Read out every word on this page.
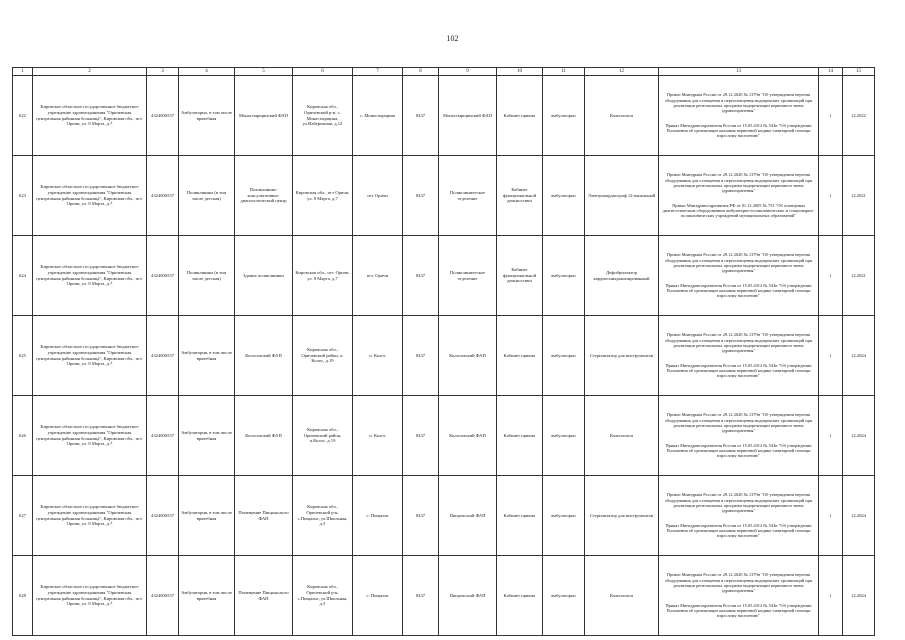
102
1	2	3	4	5	6	7	8	9	10	11	12	13	14	15
622	Кировское областное государственное бюджетное учреждение здравоохранения "Оричевская центральная районная больница", Кировская обл., пгт. Оричи, ул. 8 Марта, д.7	4324000537	Амбулаторно, в том числе врачебная	Монастырщинский ФАП	Кировская обл., Оричевский р-н, с. Монастырщина, ул.Набережная, д.12	с. Монастырщина	8437	Монастырщинский ФАП	Кабинет приема	амбулаторно	Кольпоскоп	Приказ Минздрава России от 28.12.2020 № 1379н "Об утверждении перечня оборудования для оснащения и переоснащения медицинских организаций при реализации региональных программ модернизации первичного звена здравоохранения"
Приказ Минздравсоцразвития России от 15.05.2012 № 543н "Об утверждении Положения об организации оказания первичной медико-санитарной помощи взрослому населению"	1	12.2022
623	Кировское областное государственное бюджетное учреждение здравоохранения "Оричевская центральная районная больница", Кировская обл., пгт. Оричи, ул. 8 Марта, д.7	4324000537	Поликлиника (в том числе детская)	Поликлинико-консультативно-диагностический центр	Кировская обл., пгт Оричи, ул. 8 Марта, д.7	пгт Оричи	8437	Поликлиническое отделение	Кабинет функциональной диагностики	амбулаторно	Электрокардиограф 12-канальный	Приказ Минздрава России от 28.12.2020 № 1379н "Об утверждении перечня оборудования для оснащения и переоснащения медицинских организаций при реализации региональных программ модернизации первичного звена здравоохранения"
Приказ Минздравсоцразвития РФ от 01.12.2005 № 753 "Об оснащении диагностическим оборудованием амбулаторно-поликлинических и стационарно-поликлинических учреждений муниципальных образований"	1	12.2021
624	Кировское областное государственное бюджетное учреждение здравоохранения "Оричевская центральная районная больница", Кировская обл., пгт. Оричи, ул. 8 Марта, д.7	4324000537	Поликлиника (в том числе детская)	Здание поликлиники	Кировская обл., пгт. Оричи, ул. 8 Марта, д.7	пгт. Оричи	8437	Поликлиническое отделение	Кабинет функциональной диагностики	амбулаторно	Дефибриллятор кардиосинхронизированный	Приказ Минздрава России от 28.12.2020 № 1379н "Об утверждении перечня оборудования для оснащения и переоснащения медицинских организаций при реализации региональных программ модернизации первичного звена здравоохранения"
Приказ Минздравсоцразвития России от 15.05.2012 № 543н "Об утверждении Положения об организации оказания первичной медико-санитарной помощи взрослому населению"	1	12.2021
625	Кировское областное государственное бюджетное учреждение здравоохранения "Оричевская центральная районная больница", Кировская обл., пгт. Оричи, ул. 8 Марта, д.7	4324000537	Амбулатория, в том числе врачебная	Колосовский ФАП	Кировская обл., Оричевский район, п. Колос, д.19	п. Колос	8437	Колосовский ФАП	Кабинет приема	амбулаторно	Стерилизатор для инструментов	Приказ Минздрава России от 28.12.2020 № 1379н "Об утверждении перечня оборудования для оснащения и переоснащения медицинских организаций при реализации региональных программ модернизации первичного звена здравоохранения"
Приказ Минздравсоцразвития России от 15.05.2012 № 543н "Об утверждении Положения об организации оказания первичной медико-санитарной помощи взрослому населению"	1	12.2024
626	Кировское областное государственное бюджетное учреждение здравоохранения "Оричевская центральная районная больница", Кировская обл., пгт. Оричи, ул. 8 Марта, д.7	4324000537	Амбулатория, в том числе врачебная	Колосовский ФАП	Кировская обл., Оричевский район, п.Колос, д.19	п. Колос	8437	Колосовский ФАП	Кабинет приема	амбулаторно	Кольпоскоп	Приказ Минздрава России от 28.12.2020 № 1379н "Об утверждении перечня оборудования для оснащения и переоснащения медицинских организаций при реализации региональных программ модернизации первичного звена здравоохранения"
Приказ Минздравсоцразвития России от 15.05.2012 № 543н "Об утверждении Положения об организации оказания первичной медико-санитарной помощи взрослому населению"	1	12.2024
627	Кировское областное государственное бюджетное учреждение здравоохранения "Оричевская центральная районная больница", Кировская обл., пгт. Оричи, ул. 8 Марта, д.7	4324000537	Амбулатория, в том числе врачебная	Помещение Пищальского ФАП	Кировская обл., Оричевский р-н, с.Пищалье, ул.Школьная, д.5	с. Пищалье	8437	Пищальский ФАП	Кабинет приема	амбулаторно	Стерилизатор для инструментов	Приказ Минздрава России от 28.12.2020 № 1379н "Об утверждении перечня оборудования для оснащения и переоснащения медицинских организаций при реализации региональных программ модернизации первичного звена здравоохранения"
Приказ Минздравсоцразвития России от 15.05.2012 № 543н "Об утверждении Положения об организации оказания первичной медико-санитарной помощи взрослому населению"	1	12.2024
628	Кировское областное государственное бюджетное учреждение здравоохранения "Оричевская центральная районная больница", Кировская обл., пгт. Оричи, ул. 8 Марта, д.7	4324000537	Амбулатория, в том числе врачебная	Помещение Пищальского ФАП	Кировская обл., Оричевский р-н, с.Пищалье, ул.Школьная, д.5	с. Пищалье	8437	Пищальский ФАП	Кабинет приема	амбулаторно	Кольпоскоп	Приказ Минздрава России от 28.12.2020 № 1379н "Об утверждении перечня оборудования для оснащения и переоснащения медицинских организаций при реализации региональных программ модернизации первичного звена здравоохранения"
Приказ Минздравсоцразвития России от 15.05.2012 № 543н "Об утверждении Положения об организации оказания первичной медико-санитарной помощи взрослому населению"	1	12.2024
